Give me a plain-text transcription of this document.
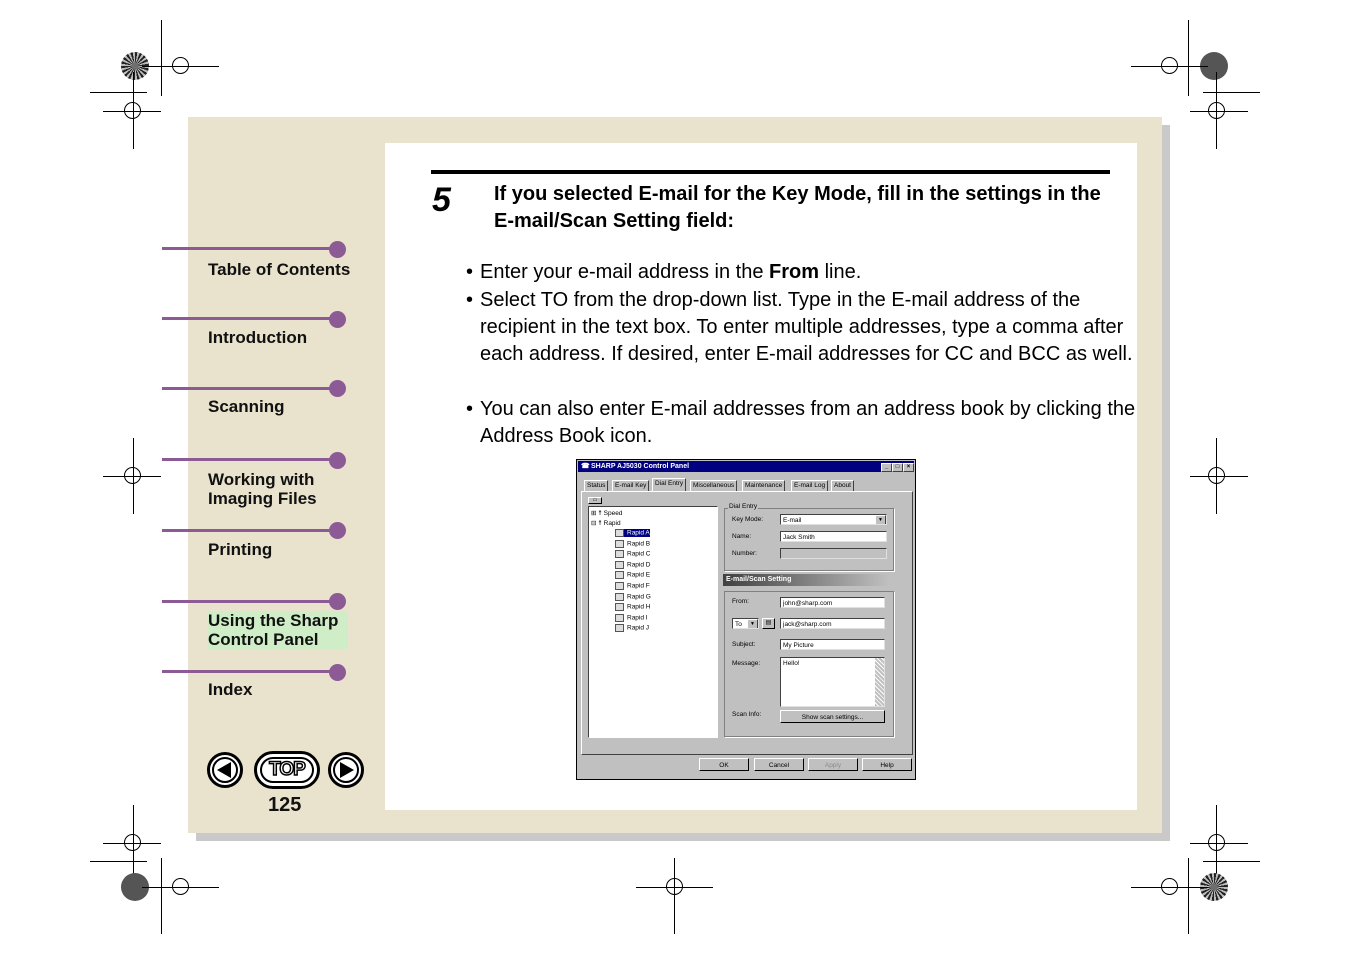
Table of Contents
Introduction
Scanning
Working with Imaging Files
Printing
Using the Sharp Control Panel
Index
TOP
125
5 If you selected E-mail for the Key Mode, fill in the settings in the E-mail/Scan Setting field:
• Enter your e-mail address in the From line.
• Select TO from the drop-down list. Type in the E-mail address of the recipient in the text box. To enter multiple addresses, type a comma after each address. If desired, enter E-mail addresses for CC and BCC as well.
• You can also enter E-mail addresses from an address book by clicking the Address Book icon.
☎ SHARP AJ5030 Control Panel	_	□	×
Status	E-mail Key	Dial Entry	Miscellaneous	Maintenance	E-mail Log	About
▭
⊞ ☨ Speed
⊟ ☨ Rapid
Rapid A
Rapid B
Rapid C
Rapid D
Rapid E
Rapid F
Rapid G
Rapid H
Rapid I
Rapid J
Dial Entry
Key Mode:	E-mail	▼
Name:	Jack Smith
Number:
E-mail/Scan Setting
From:	john@sharp.com
To	▼	▤	jack@sharp.com
Subject:	My Picture
Message:	Hello!
Scan Info:	Show scan settings...
OK	Cancel	Apply	Help
